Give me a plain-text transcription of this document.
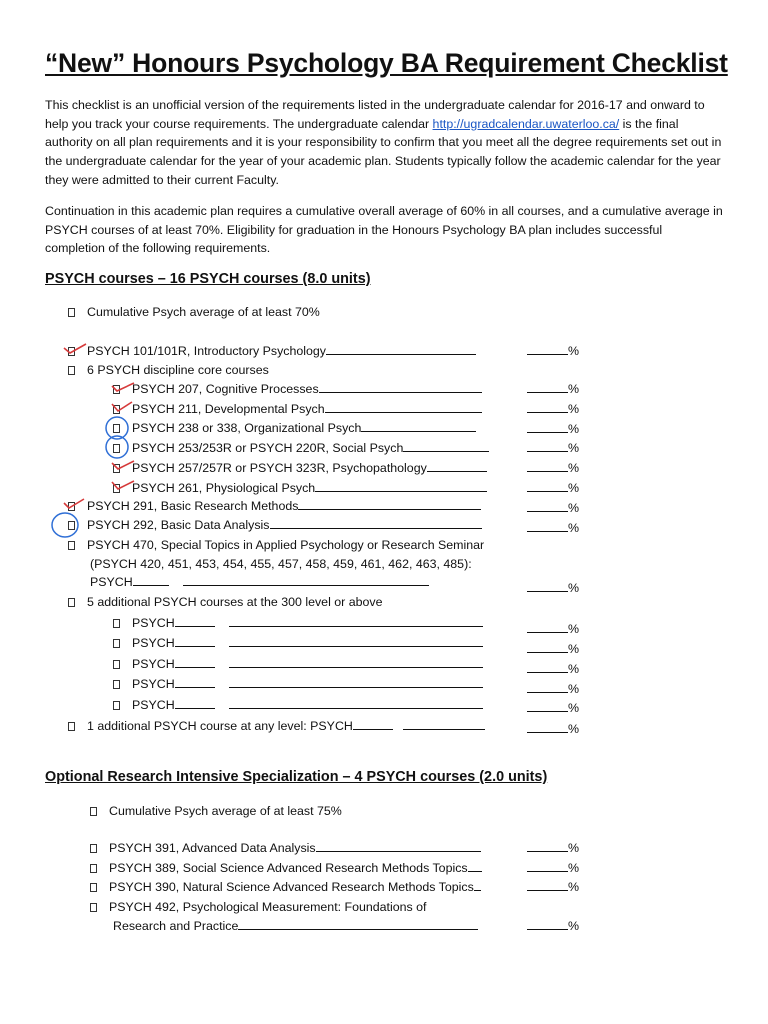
“New” Honours Psychology BA Requirement Checklist

This checklist is an unofficial version of the requirements listed in the undergraduate calendar for 2016-17 and onward to help you track your course requirements. The undergraduate calendar http://ugradcalendar.uwaterloo.ca/ is the final authority on all plan requirements and it is your responsibility to confirm that you meet all the degree requirements set out in the undergraduate calendar for the year of your academic plan. Students typically follow the academic calendar for the year they were admitted to their current Faculty.

Continuation in this academic plan requires a cumulative overall average of 60% in all courses, and a cumulative average in PSYCH courses of at least 70%. Eligibility for graduation in the Honours Psychology BA plan includes successful completion of the following requirements.

PSYCH courses – 16 PSYCH courses (8.0 units)
Cumulative Psych average of at least 70%
PSYCH 101/101R, Introductory Psychology	%
6 PSYCH discipline core courses
PSYCH 207, Cognitive Processes	%
PSYCH 211, Developmental Psych	%
PSYCH 238 or 338, Organizational Psych	%
PSYCH 253/253R or PSYCH 220R, Social Psych	%
PSYCH 257/257R or PSYCH 323R, Psychopathology	%
PSYCH 261, Physiological Psych	%
PSYCH 291, Basic Research Methods	%
PSYCH 292, Basic Data Analysis	%
PSYCH 470, Special Topics in Applied Psychology or Research Seminar
(PSYCH 420, 451, 453, 454, 455, 457, 458, 459, 461, 462, 463, 485):
PSYCH	%
5 additional PSYCH courses at the 300 level or above
PSYCH	%
PSYCH	%
PSYCH	%
PSYCH	%
PSYCH	%
1 additional PSYCH course at any level: PSYCH	%
Optional Research Intensive Specialization – 4 PSYCH courses (2.0 units)
Cumulative Psych average of at least 75%
PSYCH 391, Advanced Data Analysis	%
PSYCH 389, Social Science Advanced Research Methods Topics	%
PSYCH 390, Natural Science Advanced Research Methods Topics	%
PSYCH 492, Psychological Measurement: Foundations of
Research and Practice	%
